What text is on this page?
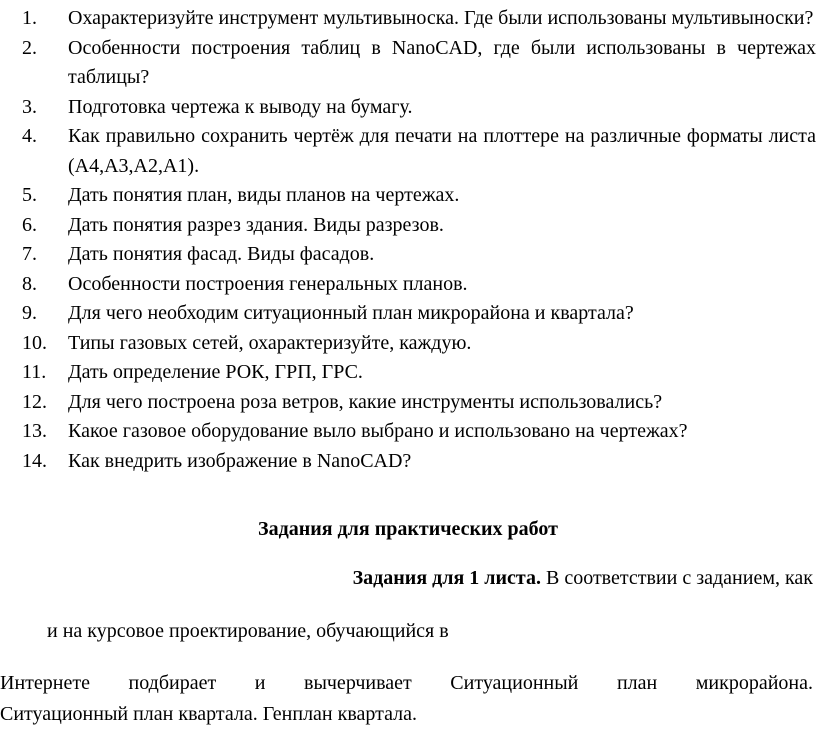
1.	Охарактеризуйте инструмент мультивыноска. Где были использованы мультивыноски?
2.	Особенности построения таблиц в NanoCAD, где были использованы в чертежах таблицы?
3.	Подготовка чертежа к выводу на бумагу.
4.	Как правильно сохранить чертёж для печати на плоттере на различные форматы листа (А4,А3,А2,А1).
5.	Дать понятия план, виды планов на чертежах.
6.	Дать понятия разрез здания. Виды разрезов.
7.	Дать понятия фасад. Виды фасадов.
8.	Особенности построения генеральных планов.
9.	Для чего необходим ситуационный план микрорайона и квартала?
10.	Типы газовых сетей, охарактеризуйте, каждую.
11.	Дать определение РОК, ГРП, ГРС.
12.	Для чего построена роза ветров, какие инструменты использовались?
13.	Какое газовое оборудование выло выбрано и использовано на чертежах?
14.	Как внедрить изображение в NanoCAD?
Задания для практических работ
Задания для 1 листа. В соответствии с заданием, как
и на курсовое проектирование, обучающийся в
Интернете подбирает и вычерчивает Ситуационный план микрорайона.
Ситуационный план квартала. Генплан квартала.
